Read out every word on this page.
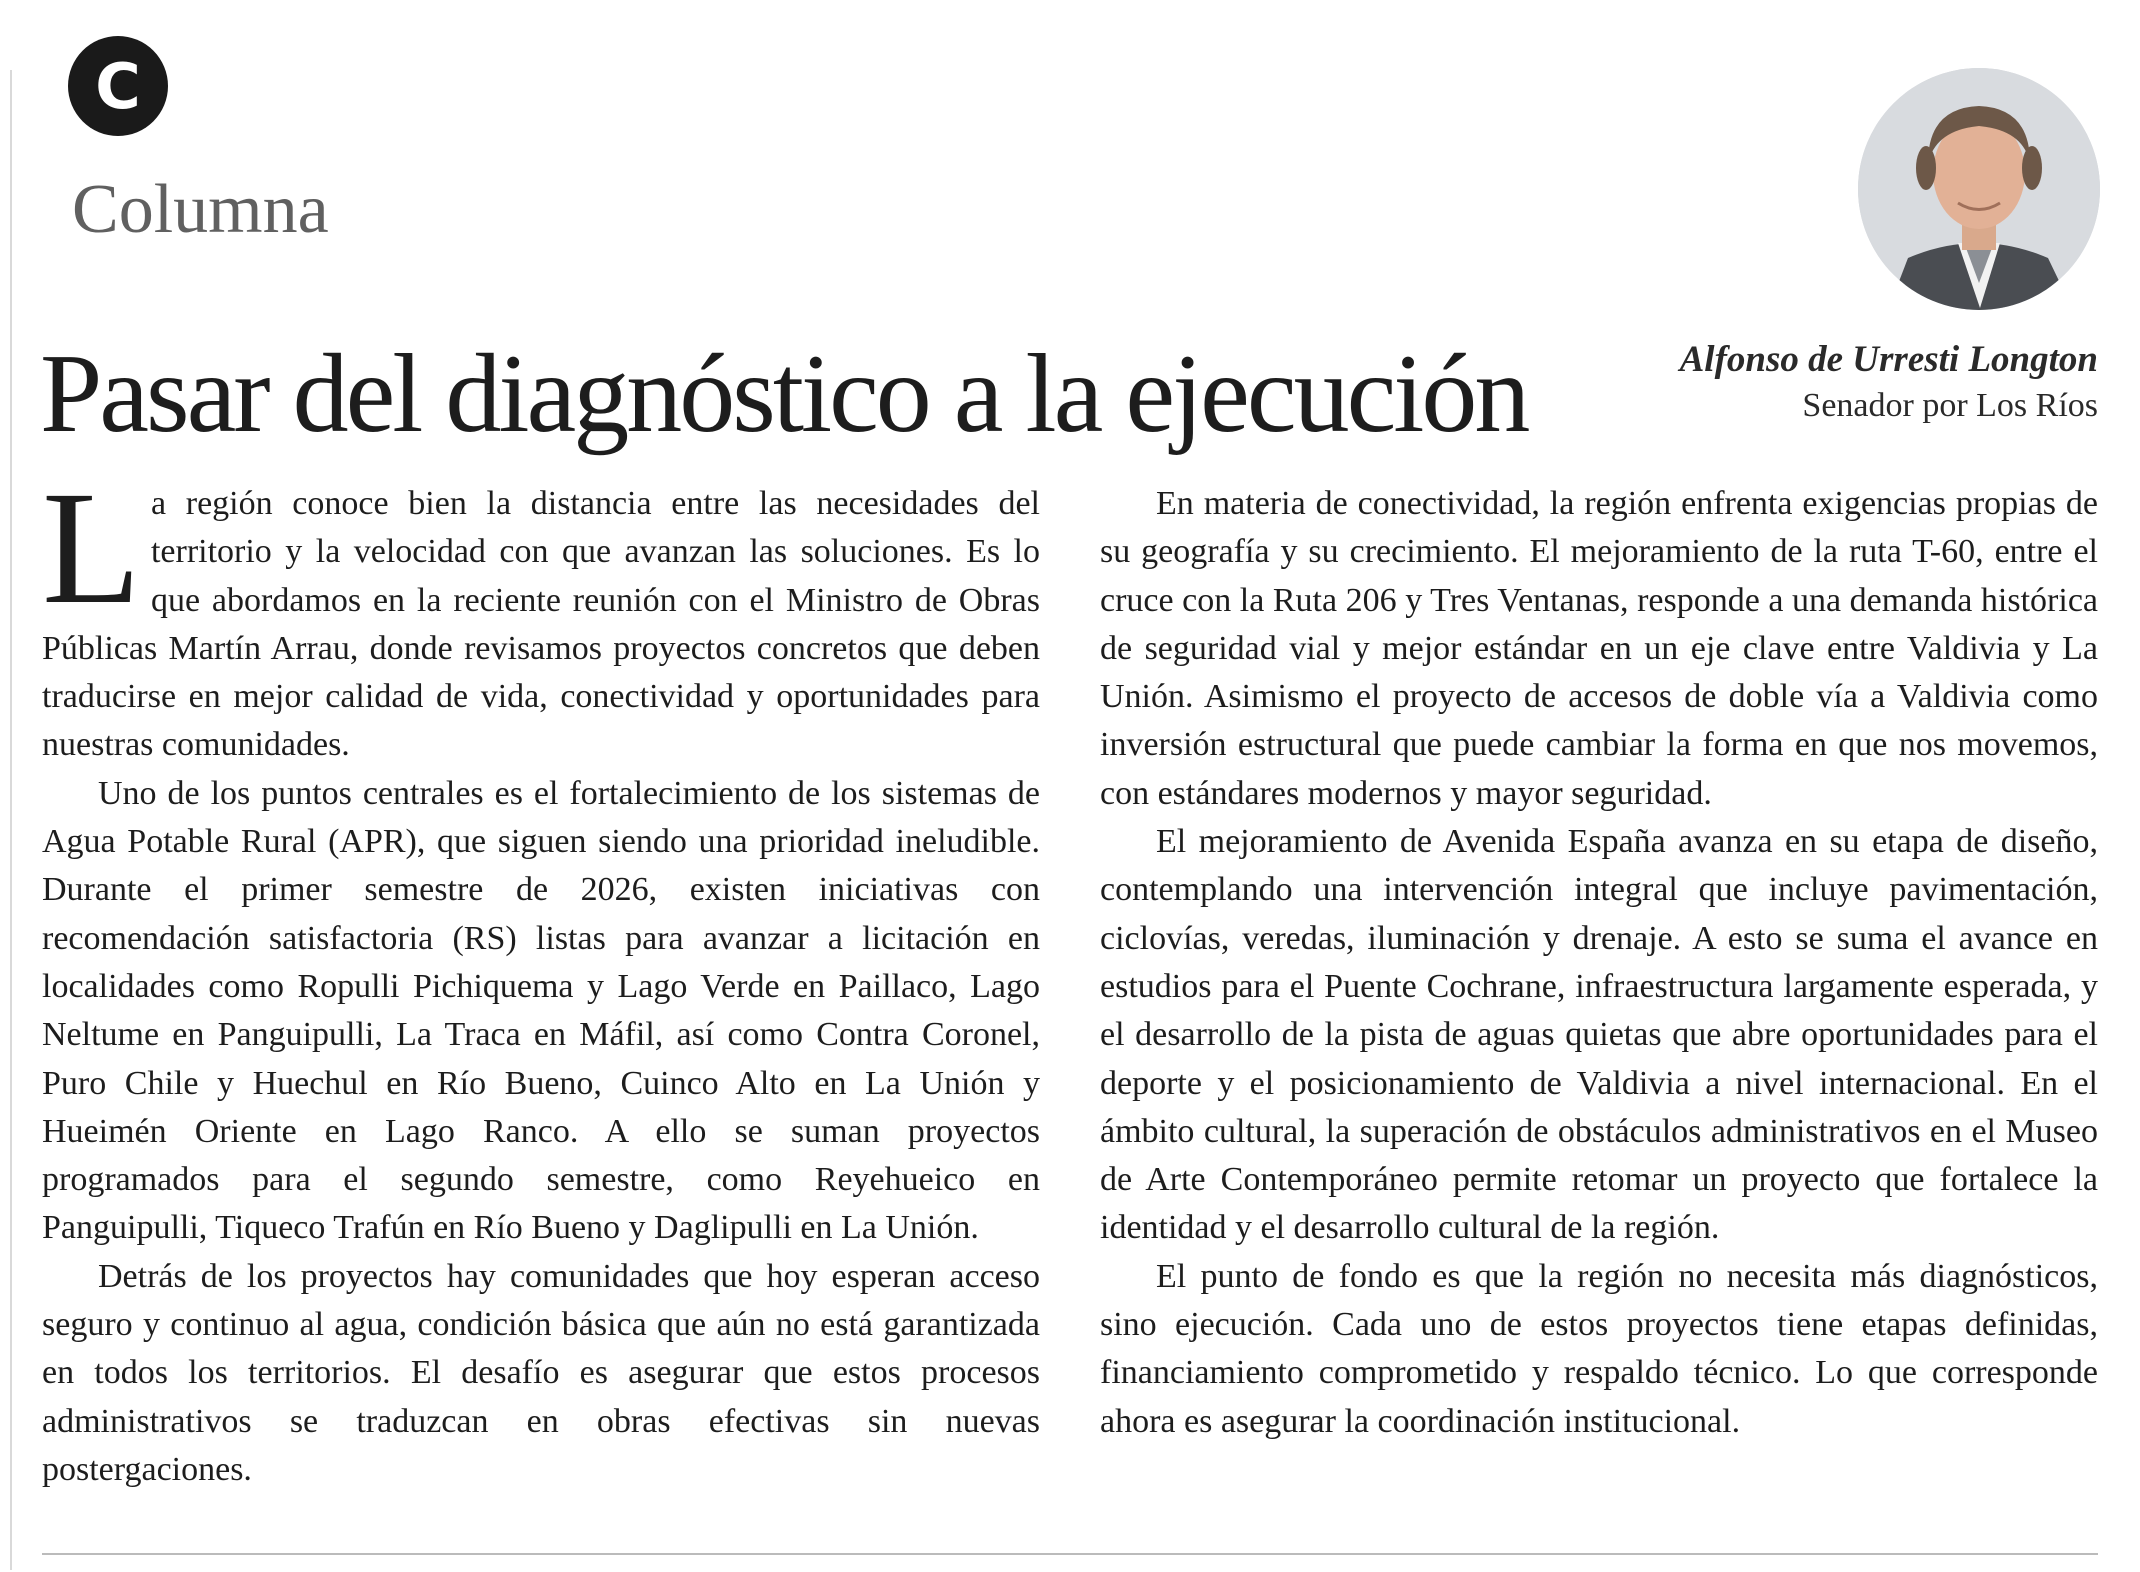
C
Columna
Pasar del diagnóstico a la ejecución	Alfonso de Urresti Longton
Senador por Los Ríos

La región conoce bien la distancia entre las necesidades del territorio y la velocidad con que avanzan las soluciones. Es lo que abordamos en la reciente reunión con el Ministro de Obras Públicas Martín Arrau, donde revisamos proyectos concretos que deben traducirse en mejor calidad de vida, conectividad y oportunidades para nuestras comunidades.

Uno de los puntos centrales es el fortalecimiento de los sistemas de Agua Potable Rural (APR), que siguen siendo una prioridad ineludible. Durante el primer semestre de 2026, existen iniciativas con recomendación satisfactoria (RS) listas para avanzar a licitación en localidades como Ropulli Pichiquema y Lago Verde en Paillaco, Lago Neltume en Panguipulli, La Traca en Máfil, así como Contra Coronel, Puro Chile y Huechul en Río Bueno, Cuinco Alto en La Unión y Hueimén Oriente en Lago Ranco. A ello se suman proyectos programados para el segundo semestre, como Reyehueico en Panguipulli, Tiqueco Trafún en Río Bueno y Daglipulli en La Unión.

Detrás de los proyectos hay comunidades que hoy esperan acceso seguro y continuo al agua, condición básica que aún no está garantizada en todos los territorios. El desafío es asegurar que estos procesos administrativos se traduzcan en obras efectivas sin nuevas postergaciones.

En materia de conectividad, la región enfrenta exigencias propias de su geografía y su crecimiento. El mejoramiento de la ruta T-60, entre el cruce con la Ruta 206 y Tres Ventanas, responde a una demanda histórica de seguridad vial y mejor estándar en un eje clave entre Valdivia y La Unión. Asimismo el proyecto de accesos de doble vía a Valdivia como inversión estructural que puede cambiar la forma en que nos movemos, con estándares modernos y mayor seguridad.

El mejoramiento de Avenida España avanza en su etapa de diseño, contemplando una intervención integral que incluye pavimentación, ciclovías, veredas, iluminación y drenaje. A esto se suma el avance en estudios para el Puente Cochrane, infraestructura largamente esperada, y el desarrollo de la pista de aguas quietas que abre oportunidades para el deporte y el posicionamiento de Valdivia a nivel internacional. En el ámbito cultural, la superación de obstáculos administrativos en el Museo de Arte Contemporáneo permite retomar un proyecto que fortalece la identidad y el desarrollo cultural de la región.

El punto de fondo es que la región no necesita más diagnósticos, sino ejecución. Cada uno de estos proyectos tiene etapas definidas, financiamiento comprometido y respaldo técnico. Lo que corresponde ahora es asegurar la coordinación institucional.
